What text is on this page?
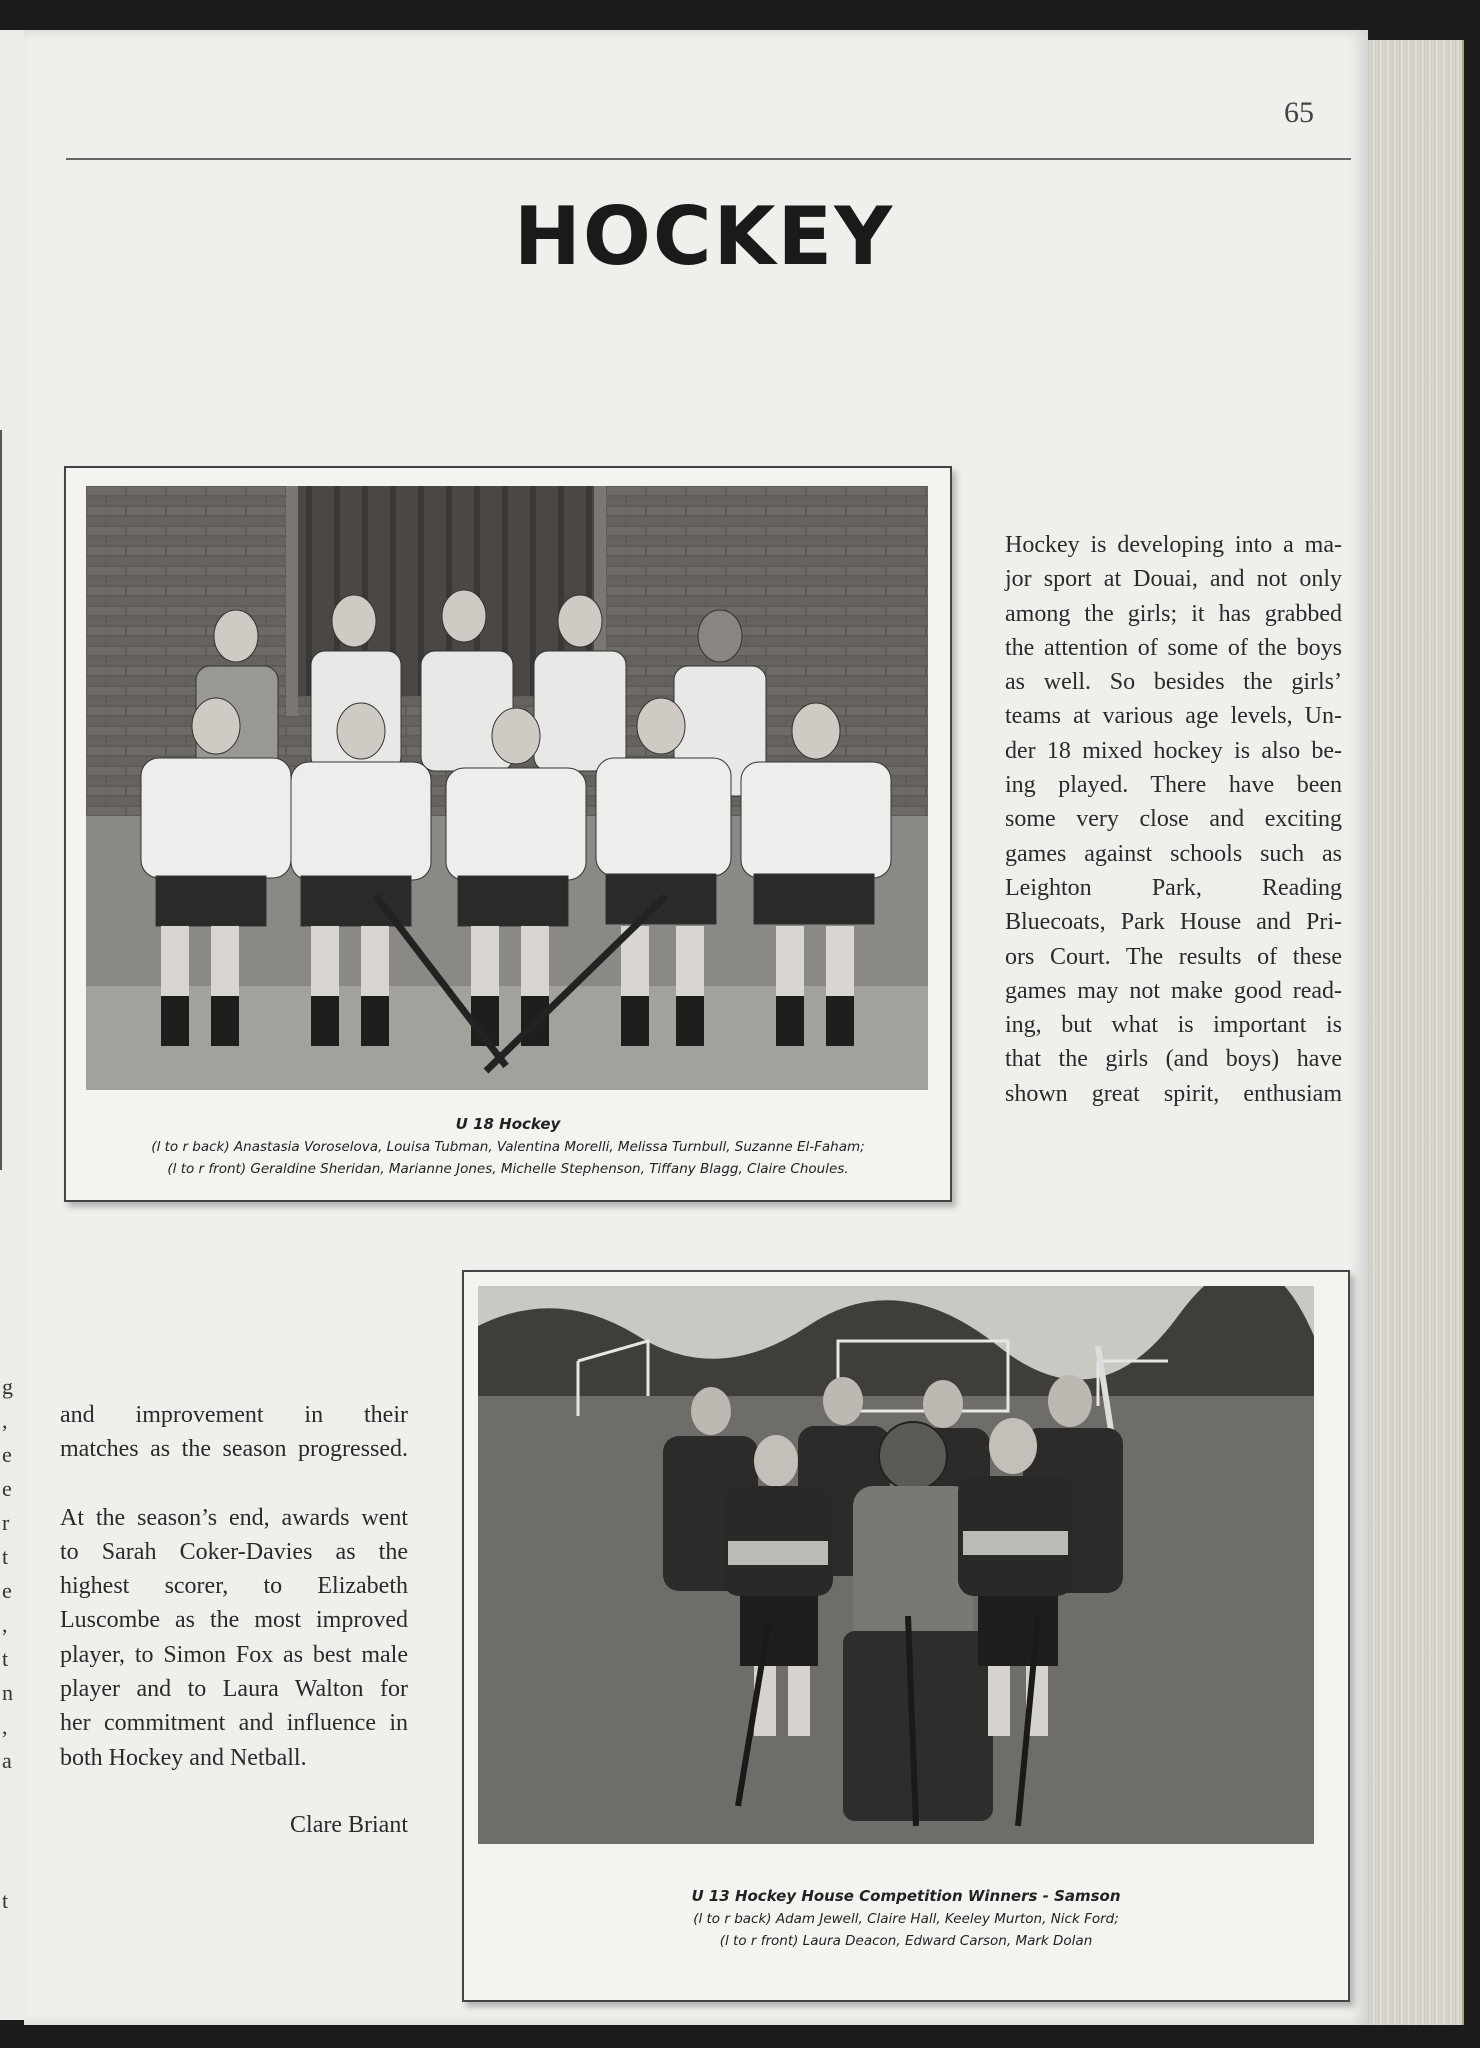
g
,
e
e
r
t
e
,
t
n
,
a
t
65
HOCKEY
U 18 Hockey
(l to r back) Anastasia Voroselova, Louisa Tubman, Valentina Morelli, Melissa Turnbull, Suzanne El-Faham;
(l to r front) Geraldine Sheridan, Marianne Jones, Michelle Stephenson, Tiffany Blagg, Claire Choules.
Hockey is developing into a ma-
jor sport at Douai, and not only
among the girls; it has grabbed
the attention of some of the boys
as well. So besides the girls’
teams at various age levels, Un-
der 18 mixed hockey is also be-
ing played. There have been
some very close and exciting
games against schools such as
Leighton Park, Reading
Bluecoats, Park House and Pri-
ors Court. The results of these
games may not make good read-
ing, but what is important is
that the girls (and boys) have
shown great spirit, enthusiam
U 13 Hockey House Competition Winners - Samson
(l to r back) Adam Jewell, Claire Hall, Keeley Murton, Nick Ford;
(l to r front) Laura Deacon, Edward Carson, Mark Dolan
and improvement in their
matches as the season progressed.
At the season’s end, awards went
to Sarah Coker-Davies as the
highest scorer, to Elizabeth
Luscombe as the most improved
player, to Simon Fox as best male
player and to Laura Walton for
her commitment and influence in
both Hockey and Netball.
Clare Briant
